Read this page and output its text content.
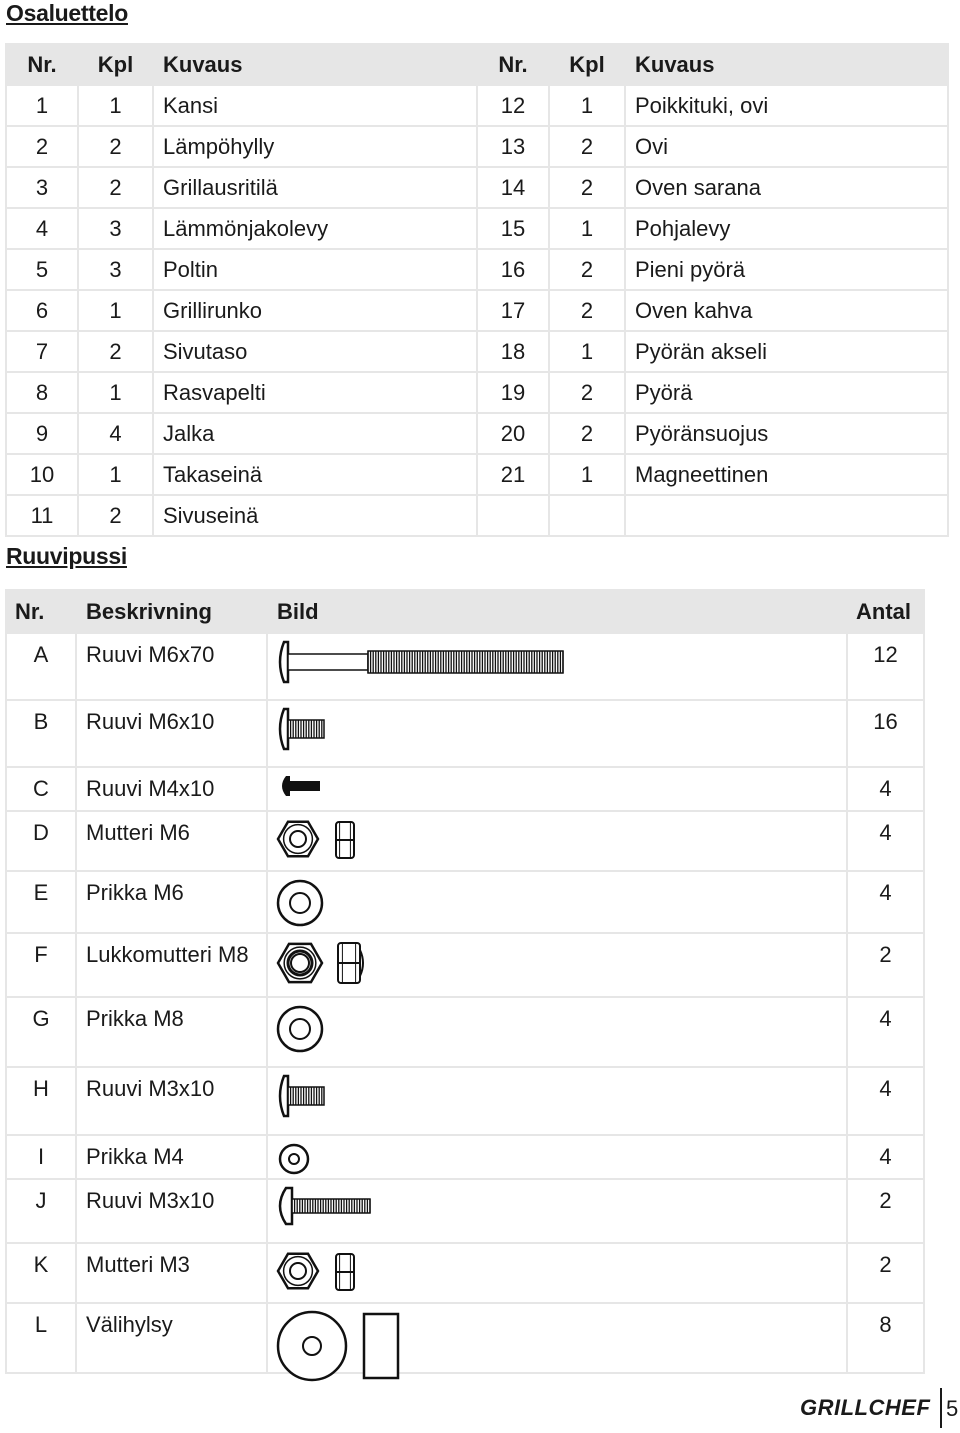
Osaluettelo
Nr.	Kpl	Kuvaus	Nr.	Kpl	Kuvaus
1	1	Kansi	12	1	Poikkituki, ovi
2	2	Lämpöhylly	13	2	Ovi
3	2	Grillausritilä	14	2	Oven sarana
4	3	Lämmönjakolevy	15	1	Pohjalevy
5	3	Poltin	16	2	Pieni pyörä
6	1	Grillirunko	17	2	Oven kahva
7	2	Sivutaso	18	1	Pyörän akseli
8	1	Rasvapelti	19	2	Pyörä
9	4	Jalka	20	2	Pyöränsuojus
10	1	Takaseinä	21	1	Magneettinen
11	2	Sivuseinä			
Ruuvipussi
Nr.	Beskrivning	Bild	Antal
A	Ruuvi M6x70		12
B	Ruuvi M6x10		16
C	Ruuvi M4x10		4
D	Mutteri M6		4
E	Prikka M6		4
F	Lukkomutteri M8		2
G	Prikka M8		4
H	Ruuvi M3x10		4
I	Prikka M4		4
J	Ruuvi M3x10		2
K	Mutteri M3		2
L	Välihylsy		8
GRILLCHEF 5
